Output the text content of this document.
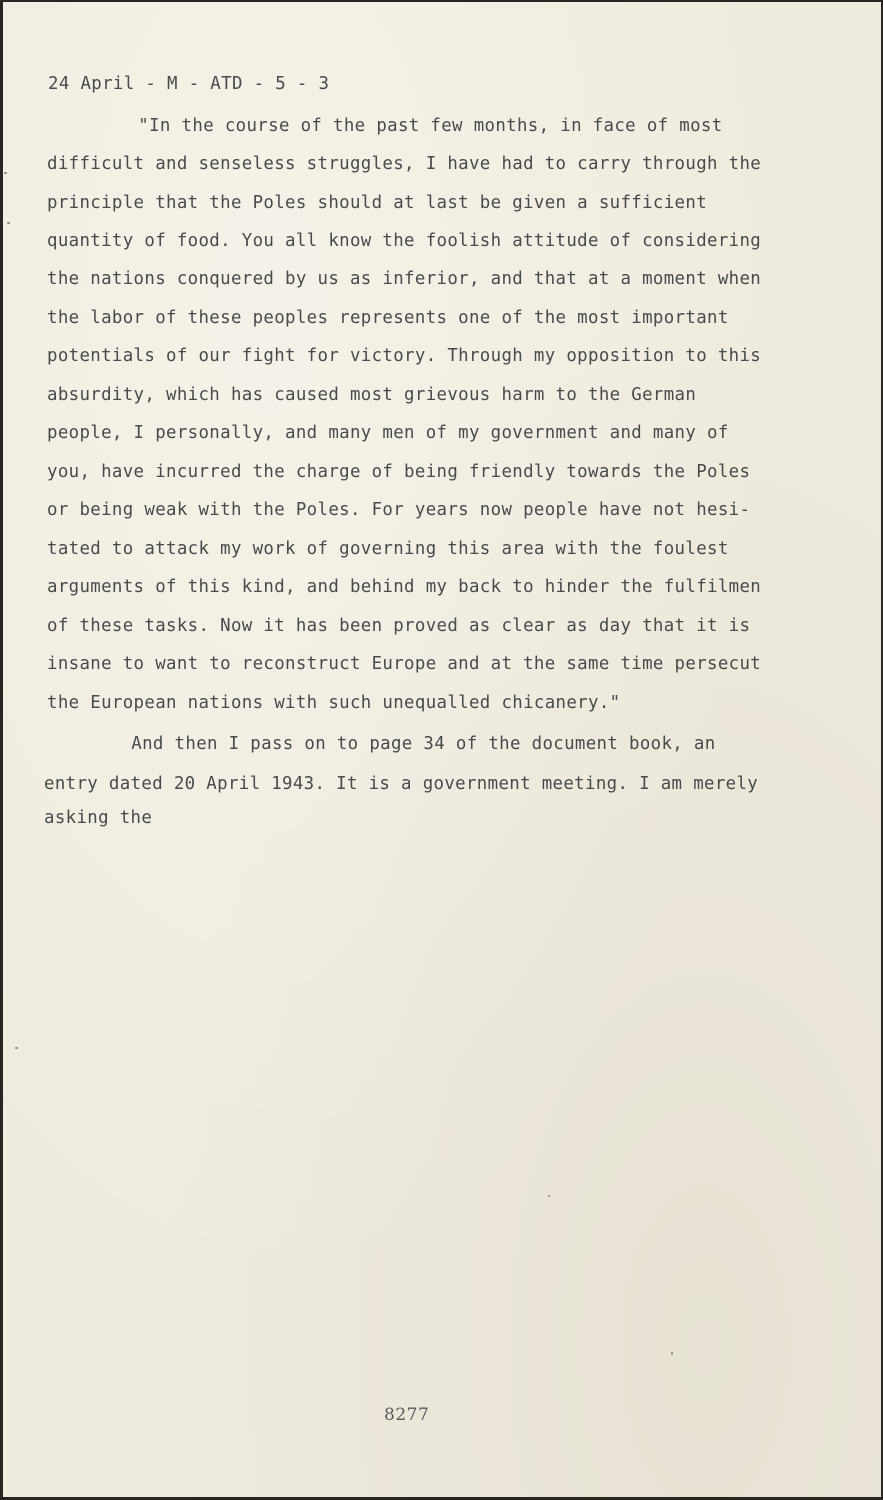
24 April - M - ATD - 5 - 3
"In the course of the past few months, in face of most
difficult and senseless struggles, I have had to carry through the
principle that the Poles should at last be given a sufficient
quantity of food. You all know the foolish attitude of considering
the nations conquered by us as inferior, and that at a moment when
the labor of these peoples represents one of the most important
potentials of our fight for victory. Through my opposition to this
absurdity, which has caused most grievous harm to the German
people, I personally, and many men of my government and many of
you, have incurred the charge of being friendly towards the Poles
or being weak with the Poles. For years now people have not hesi-
tated to attack my work of governing this area with the foulest
arguments of this kind, and behind my back to hinder the fulfilmen
of these tasks. Now it has been proved as clear as day that it is
insane to want to reconstruct Europe and at the same time persecut
the European nations with such unequalled chicanery."
And then I pass on to page 34 of the document book, an
entry dated 20 April 1943. It is a government meeting. I am merely
asking the
8277
